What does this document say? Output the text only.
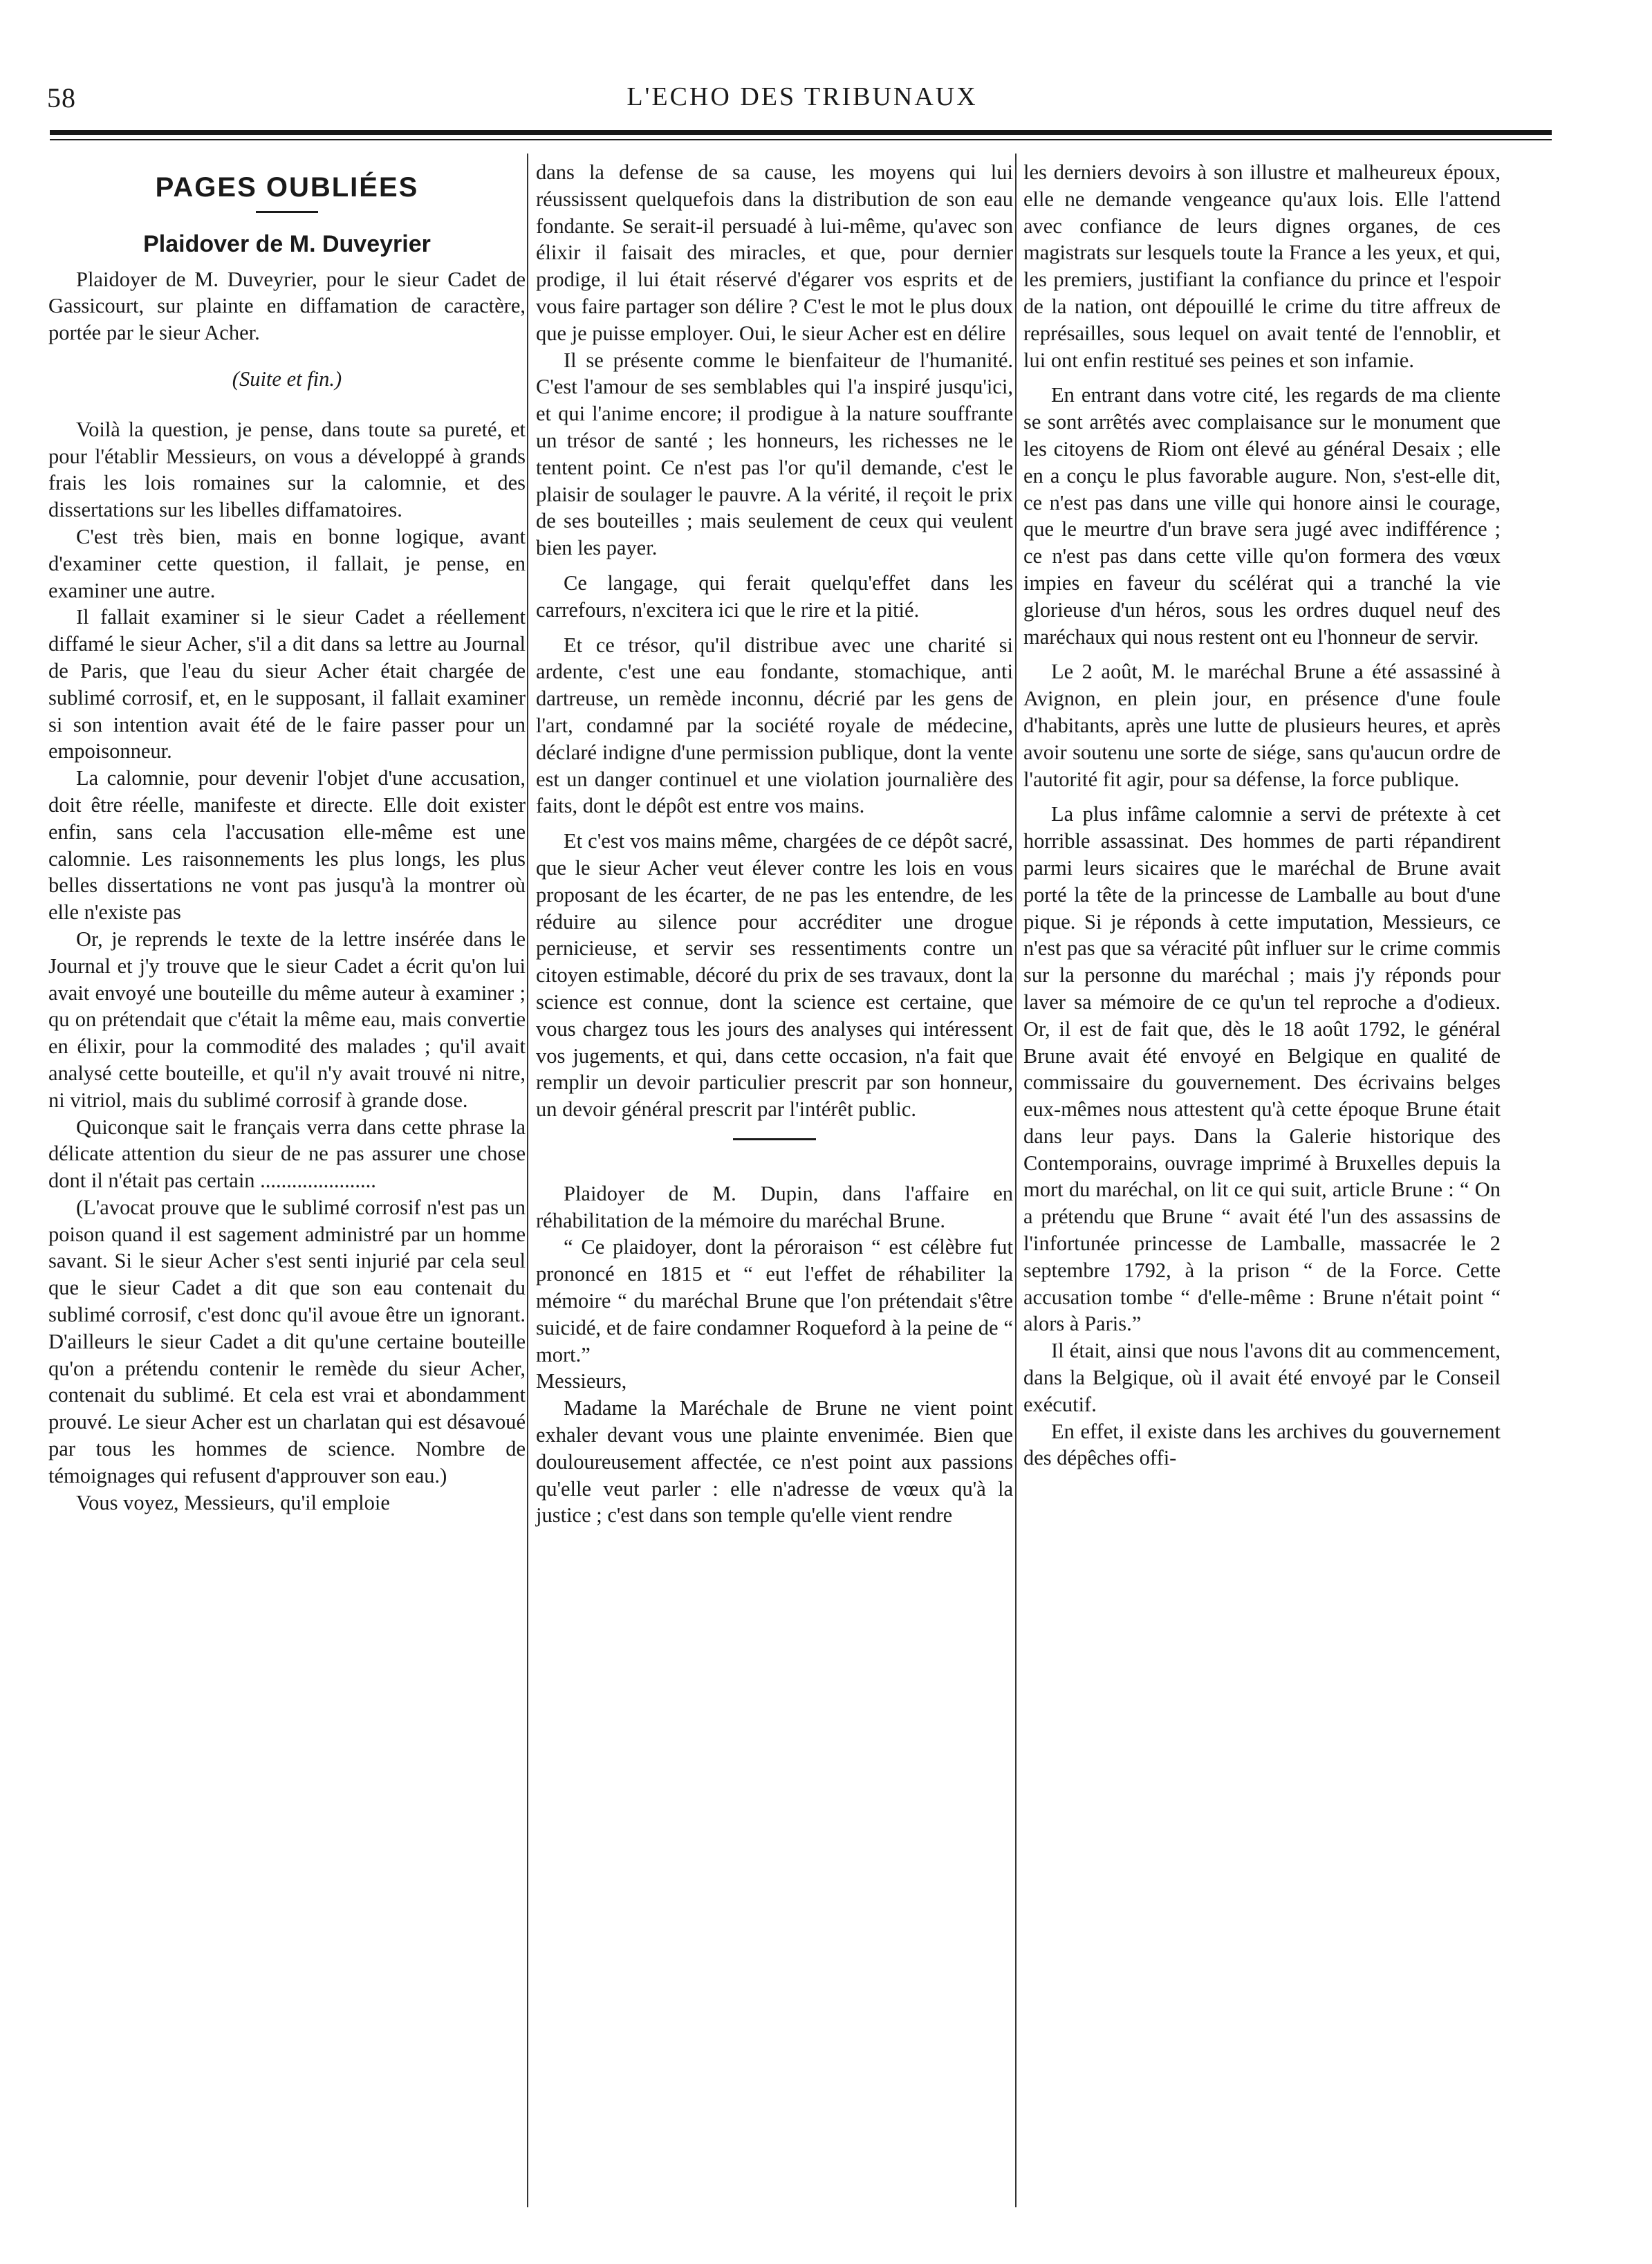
58	L'ECHO DES TRIBUNAUX
PAGES OUBLIÉES
Plaidover de M. Duveyrier

Plaidoyer de M. Duveyrier, pour le sieur Cadet de Gassicourt, sur plainte en diffamation de caractère, portée par le sieur Acher.

(Suite et fin.)

Voilà la question, je pense, dans toute sa pureté, et pour l'établir Messieurs, on vous a développé à grands frais les lois romaines sur la calomnie, et des dissertations sur les libelles diffamatoires.

C'est très bien, mais en bonne logique, avant d'examiner cette question, il fallait, je pense, en examiner une autre.

Il fallait examiner si le sieur Cadet a réellement diffamé le sieur Acher, s'il a dit dans sa lettre au Journal de Paris, que l'eau du sieur Acher était chargée de sublimé corrosif, et, en le supposant, il fallait examiner si son intention avait été de le faire passer pour un empoisonneur.

La calomnie, pour devenir l'objet d'une accusation, doit être réelle, manifeste et directe. Elle doit exister enfin, sans cela l'accusation elle-même est une calomnie. Les raisonnements les plus longs, les plus belles dissertations ne vont pas jusqu'à la montrer où elle n'existe pas

Or, je reprends le texte de la lettre insérée dans le Journal et j'y trouve que le sieur Cadet a écrit qu'on lui avait envoyé une bouteille du même auteur à examiner ; qu on prétendait que c'était la même eau, mais convertie en élixir, pour la commodité des malades ; qu'il avait analysé cette bouteille, et qu'il n'y avait trouvé ni nitre, ni vitriol, mais du sublimé corrosif à grande dose.

Quiconque sait le français verra dans cette phrase la délicate attention du sieur de ne pas assurer une chose dont il n'était pas certain ......................

(L'avocat prouve que le sublimé corrosif n'est pas un poison quand il est sagement administré par un homme savant. Si le sieur Acher s'est senti injurié par cela seul que le sieur Cadet a dit que son eau contenait du sublimé corrosif, c'est donc qu'il avoue être un ignorant. D'ailleurs le sieur Cadet a dit qu'une certaine bouteille qu'on a prétendu contenir le remède du sieur Acher, contenait du sublimé. Et cela est vrai et abondamment prouvé. Le sieur Acher est un charlatan qui est désavoué par tous les hommes de science. Nombre de témoignages qui refusent d'approuver son eau.)

Vous voyez, Messieurs, qu'il emploie

dans la defense de sa cause, les moyens qui lui réussissent quelquefois dans la distribution de son eau fondante. Se serait-il persuadé à lui-même, qu'avec son élixir il faisait des miracles, et que, pour dernier prodige, il lui était réservé d'égarer vos esprits et de vous faire partager son délire ? C'est le mot le plus doux que je puisse employer. Oui, le sieur Acher est en délire

Il se présente comme le bienfaiteur de l'humanité. C'est l'amour de ses semblables qui l'a inspiré jusqu'ici, et qui l'anime encore; il prodigue à la nature souffrante un trésor de santé ; les honneurs, les richesses ne le tentent point. Ce n'est pas l'or qu'il demande, c'est le plaisir de soulager le pauvre. A la vérité, il reçoit le prix de ses bouteilles ; mais seulement de ceux qui veulent bien les payer.

Ce langage, qui ferait quelqu'effet dans les carrefours, n'excitera ici que le rire et la pitié.

Et ce trésor, qu'il distribue avec une charité si ardente, c'est une eau fondante, stomachique, anti dartreuse, un remède inconnu, décrié par les gens de l'art, condamné par la société royale de médecine, déclaré indigne d'une permission publique, dont la vente est un danger continuel et une violation journalière des faits, dont le dépôt est entre vos mains.

Et c'est vos mains même, chargées de ce dépôt sacré, que le sieur Acher veut élever contre les lois en vous proposant de les écarter, de ne pas les entendre, de les réduire au silence pour accréditer une drogue pernicieuse, et servir ses ressentiments contre un citoyen estimable, décoré du prix de ses travaux, dont la science est connue, dont la science est certaine, que vous chargez tous les jours des analyses qui intéressent vos jugements, et qui, dans cette occasion, n'a fait que remplir un devoir particulier prescrit par son honneur, un devoir général prescrit par l'intérêt public.

Plaidoyer de M. Dupin, dans l'affaire en réhabilitation de la mémoire du maréchal Brune.

“ Ce plaidoyer, dont la péroraison “ est célèbre fut prononcé en 1815 et “ eut l'effet de réhabiliter la mémoire “ du maréchal Brune que l'on prétendait s'être suicidé, et de faire condamner Roqueford à la peine de “ mort.”

Messieurs,

Madame la Maréchale de Brune ne vient point exhaler devant vous une plainte envenimée. Bien que douloureusement affectée, ce n'est point aux passions qu'elle veut parler : elle n'adresse de vœux qu'à la justice ; c'est dans son temple qu'elle vient rendre

les derniers devoirs à son illustre et malheureux époux, elle ne demande vengeance qu'aux lois. Elle l'attend avec confiance de leurs dignes organes, de ces magistrats sur lesquels toute la France a les yeux, et qui, les premiers, justifiant la confiance du prince et l'espoir de la nation, ont dépouillé le crime du titre affreux de représailles, sous lequel on avait tenté de l'ennoblir, et lui ont enfin restitué ses peines et son infamie.

En entrant dans votre cité, les regards de ma cliente se sont arrêtés avec complaisance sur le monument que les citoyens de Riom ont élevé au général Desaix ; elle en a conçu le plus favorable augure. Non, s'est-elle dit, ce n'est pas dans une ville qui honore ainsi le courage, que le meurtre d'un brave sera jugé avec indifférence ; ce n'est pas dans cette ville qu'on formera des vœux impies en faveur du scélérat qui a tranché la vie glorieuse d'un héros, sous les ordres duquel neuf des maréchaux qui nous restent ont eu l'honneur de servir.

Le 2 août, M. le maréchal Brune a été assassiné à Avignon, en plein jour, en présence d'une foule d'habitants, après une lutte de plusieurs heures, et après avoir soutenu une sorte de siége, sans qu'aucun ordre de l'autorité fit agir, pour sa défense, la force publique.

La plus infâme calomnie a servi de prétexte à cet horrible assassinat. Des hommes de parti répandirent parmi leurs sicaires que le maréchal de Brune avait porté la tête de la princesse de Lamballe au bout d'une pique. Si je réponds à cette imputation, Messieurs, ce n'est pas que sa véracité pût influer sur le crime commis sur la personne du maréchal ; mais j'y réponds pour laver sa mémoire de ce qu'un tel reproche a d'odieux. Or, il est de fait que, dès le 18 août 1792, le général Brune avait été envoyé en Belgique en qualité de commissaire du gouvernement. Des écrivains belges eux-mêmes nous attestent qu'à cette époque Brune était dans leur pays. Dans la Galerie historique des Contemporains, ouvrage imprimé à Bruxelles depuis la mort du maréchal, on lit ce qui suit, article Brune : “ On a prétendu que Brune “ avait été l'un des assassins de l'infortunée princesse de Lamballe, massacrée le 2 septembre 1792, à la prison “ de la Force. Cette accusation tombe “ d'elle-même : Brune n'était point “ alors à Paris.”

Il était, ainsi que nous l'avons dit au commencement, dans la Belgique, où il avait été envoyé par le Conseil exécutif.

En effet, il existe dans les archives du gouvernement des dépêches offi-
